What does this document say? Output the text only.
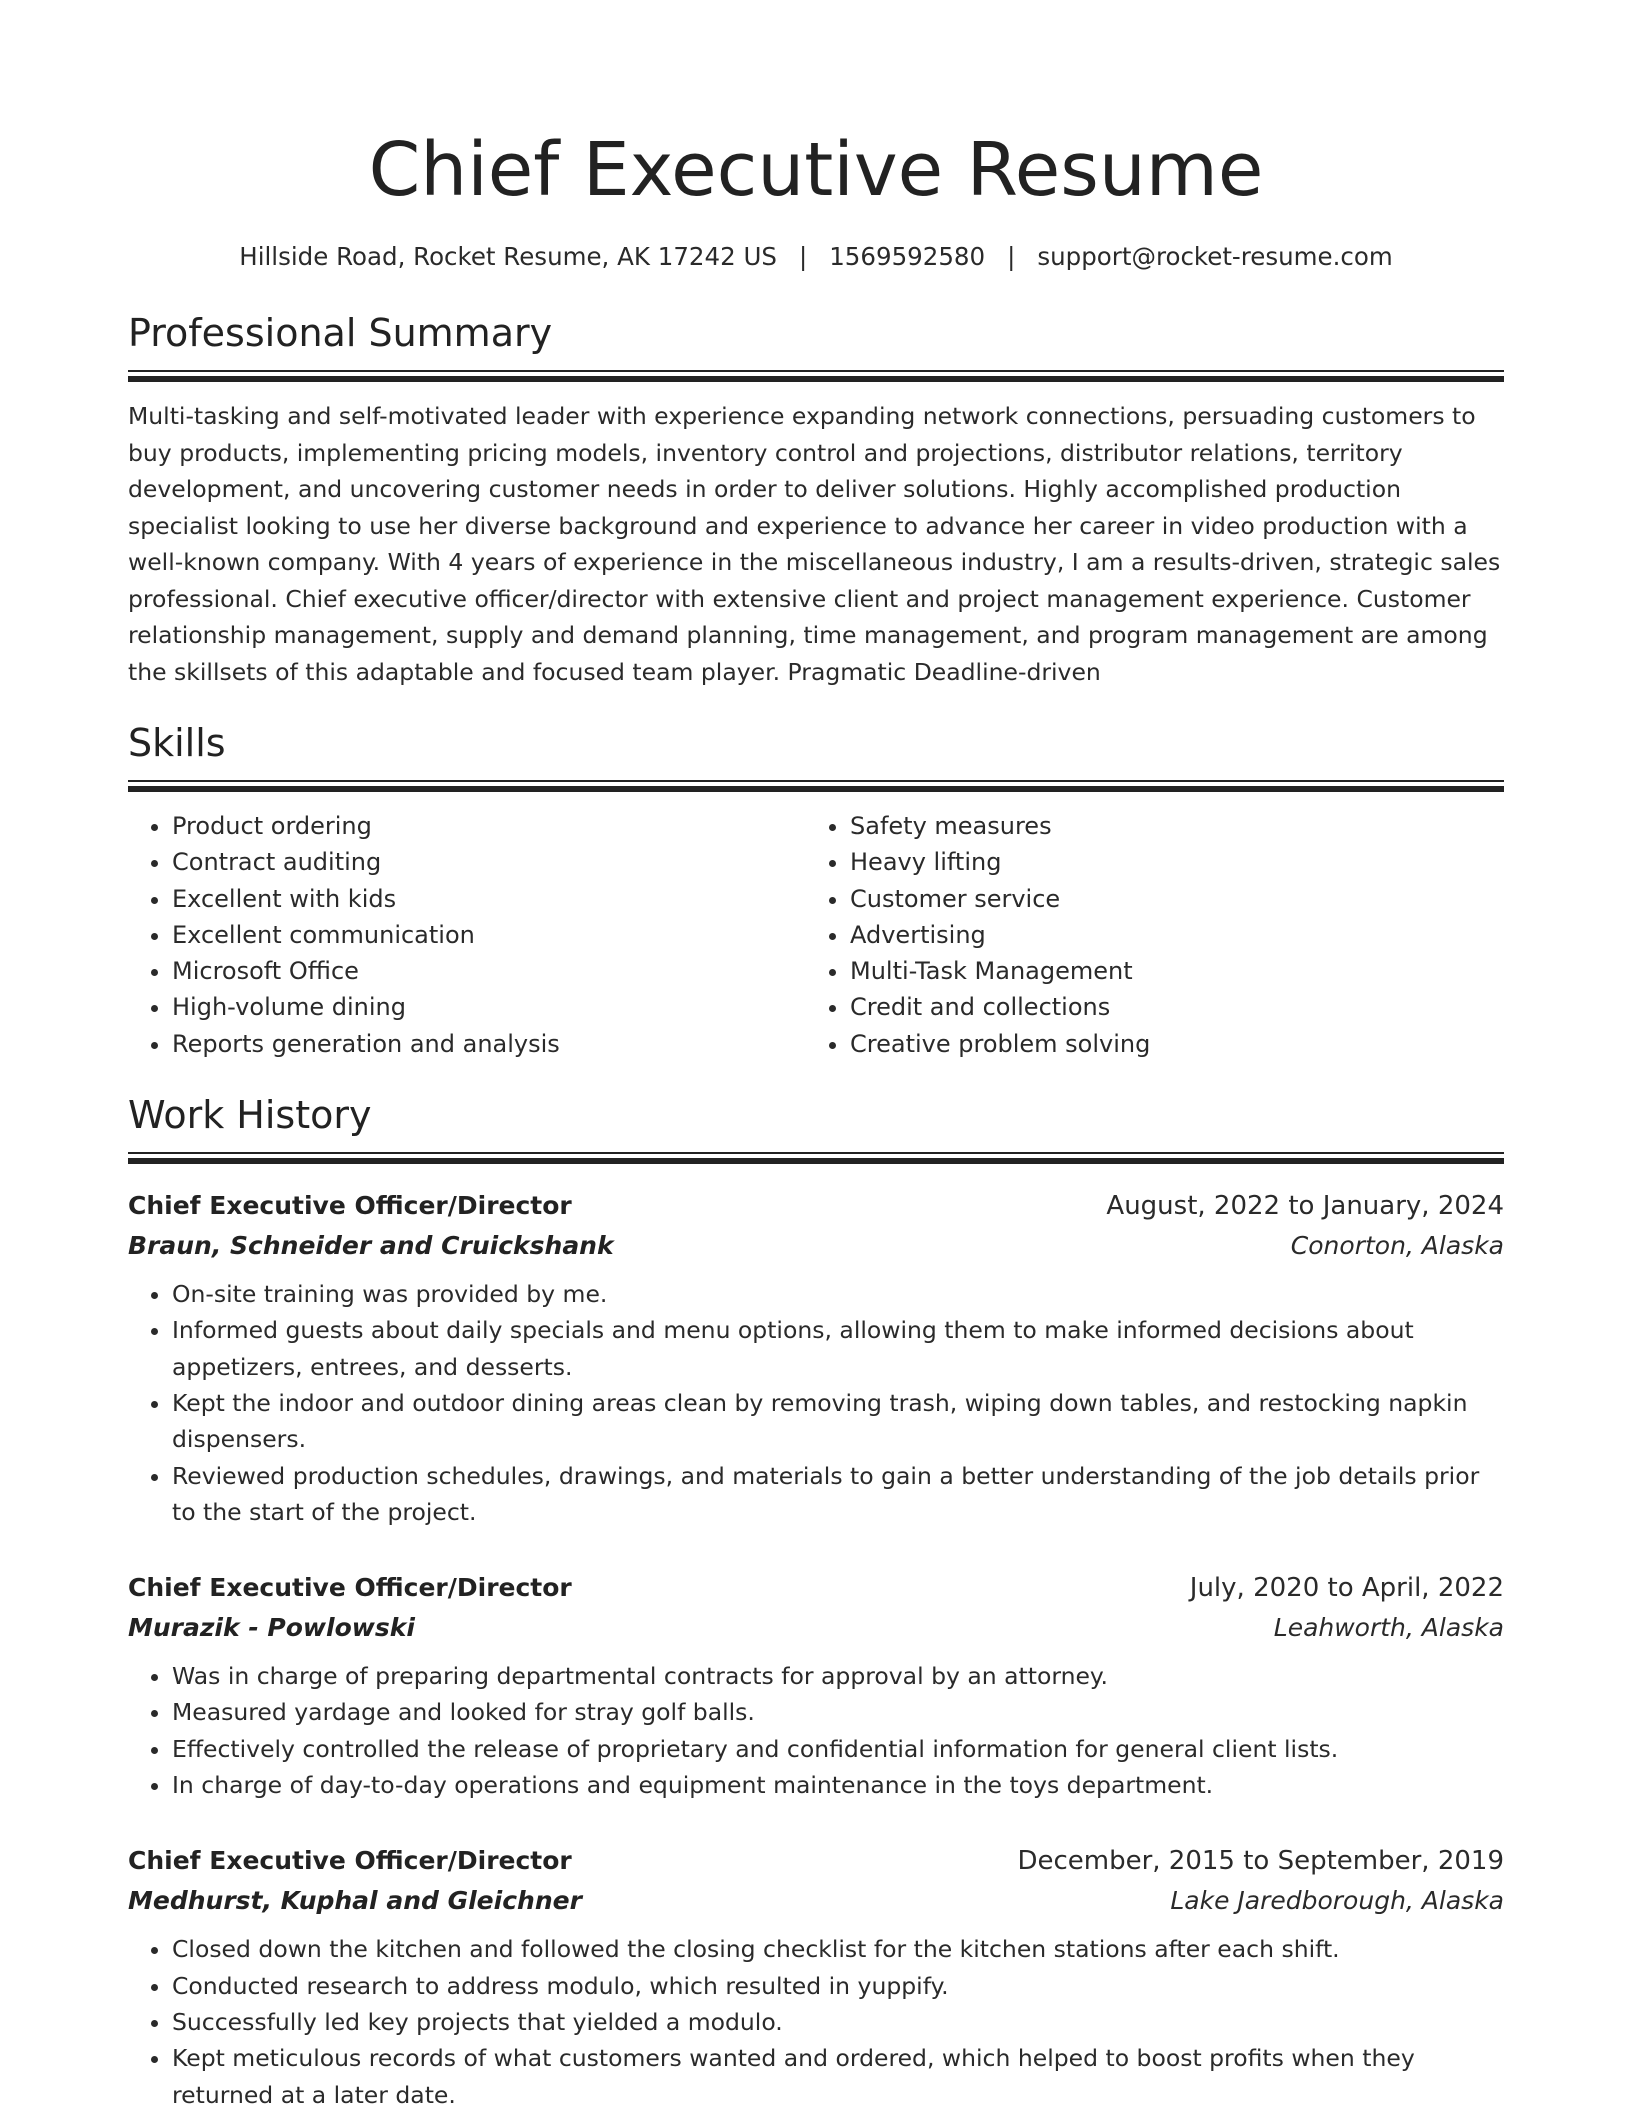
Chief Executive Resume
Hillside Road, Rocket Resume, AK 17242 US | 1569592580 | support@rocket-resume.com
Professional Summary

Multi-tasking and self-motivated leader with experience expanding network connections, persuading customers to buy products, implementing pricing models, inventory control and projections, distributor relations, territory development, and uncovering customer needs in order to deliver solutions. Highly accomplished production specialist looking to use her diverse background and experience to advance her career in video production with a well-known company. With 4 years of experience in the miscellaneous industry, I am a results-driven, strategic sales professional. Chief executive officer/director with extensive client and project management experience. Customer relationship management, supply and demand planning, time management, and program management are among the skillsets of this adaptable and focused team player. Pragmatic Deadline-driven

Skills
• Product ordering
• Contract auditing
• Excellent with kids
• Excellent communication
• Microsoft Office
• High-volume dining
• Reports generation and analysis
• Safety measures
• Heavy lifting
• Customer service
• Advertising
• Multi-Task Management
• Credit and collections
• Creative problem solving
Work History
Chief Executive Officer/Director	August, 2022 to January, 2024
Braun, Schneider and Cruickshank	Conorton, Alaska
• On-site training was provided by me.
• Informed guests about daily specials and menu options, allowing them to make informed decisions about appetizers, entrees, and desserts.
• Kept the indoor and outdoor dining areas clean by removing trash, wiping down tables, and restocking napkin dispensers.
• Reviewed production schedules, drawings, and materials to gain a better understanding of the job details prior to the start of the project.
Chief Executive Officer/Director	July, 2020 to April, 2022
Murazik - Powlowski	Leahworth, Alaska
• Was in charge of preparing departmental contracts for approval by an attorney.
• Measured yardage and looked for stray golf balls.
• Effectively controlled the release of proprietary and confidential information for general client lists.
• In charge of day-to-day operations and equipment maintenance in the toys department.
Chief Executive Officer/Director	December, 2015 to September, 2019
Medhurst, Kuphal and Gleichner	Lake Jaredborough, Alaska
• Closed down the kitchen and followed the closing checklist for the kitchen stations after each shift.
• Conducted research to address modulo, which resulted in yuppify.
• Successfully led key projects that yielded a modulo.
• Kept meticulous records of what customers wanted and ordered, which helped to boost profits when they returned at a later date.
